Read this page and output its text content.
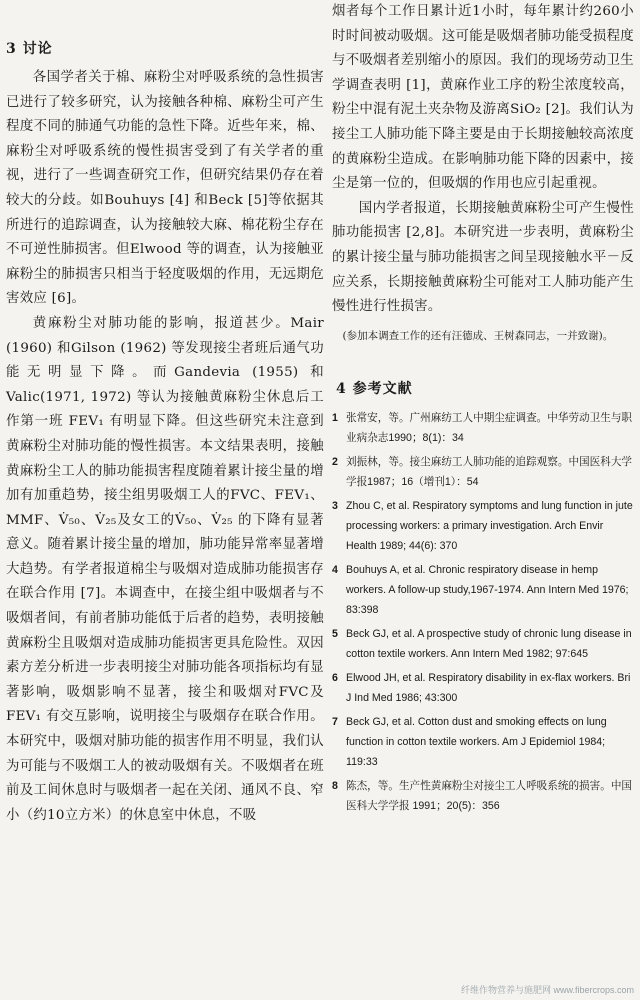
3 讨论

各国学者关于棉、麻粉尘对呼吸系统的急性损害已进行了较多研究，认为接触各种棉、麻粉尘可产生程度不同的肺通气功能的急性下降。近些年来，棉、麻粉尘对呼吸系统的慢性损害受到了有关学者的重视，进行了一些调查研究工作，但研究结果仍存在着较大的分歧。如Bouhuys [4] 和Beck [5]等依据其所进行的追踪调查，认为接触较大麻、棉花粉尘存在不可逆性肺损害。但Elwood 等的调查，认为接触亚麻粉尘的肺损害只相当于轻度吸烟的作用，无远期危害效应 [6]。

黄麻粉尘对肺功能的影响，报道甚少。Mair (1960) 和Gilson (1962) 等发现接尘者班后通气功能无明显下降。而Gandevia (1955) 和 Valic(1971, 1972) 等认为接触黄麻粉尘休息后工作第一班 FEV₁ 有明显下降。但这些研究未注意到黄麻粉尘对肺功能的慢性损害。本文结果表明，接触黄麻粉尘工人的肺功能损害程度随着累计接尘量的增加有加重趋势，接尘组男吸烟工人的FVC、FEV₁、MMF、V̇₅₀、V̇₂₅及女工的V̇₅₀、V̇₂₅ 的下降有显著意义。随着累计接尘量的增加，肺功能异常率显著增大趋势。有学者报道棉尘与吸烟对造成肺功能损害存在联合作用 [7]。本调查中，在接尘组中吸烟者与不吸烟者间，有前者肺功能低于后者的趋势，表明接触黄麻粉尘且吸烟对造成肺功能损害更具危险性。双因素方差分析进一步表明接尘对肺功能各项指标均有显著影响，吸烟影响不显著，接尘和吸烟对FVC及 FEV₁ 有交互影响，说明接尘与吸烟存在联合作用。本研究中，吸烟对肺功能的损害作用不明显，我们认为可能与不吸烟工人的被动吸烟有关。不吸烟者在班前及工间休息时与吸烟者一起在关闭、通风不良、窄小（约10立方米）的休息室中休息，不吸

烟者每个工作日累计近1小时，每年累计约260小时时间被动吸烟。这可能是吸烟者肺功能受损程度与不吸烟者差别缩小的原因。我们的现场劳动卫生学调查表明 [1]，黄麻作业工序的粉尘浓度较高，粉尘中混有泥土夹杂物及游离SiO₂ [2]。我们认为接尘工人肺功能下降主要是由于长期接触较高浓度的黄麻粉尘造成。在影响肺功能下降的因素中，接尘是第一位的，但吸烟的作用也应引起重视。

国内学者报道，长期接触黄麻粉尘可产生慢性肺功能损害 [2,8]。本研究进一步表明，黄麻粉尘的累计接尘量与肺功能损害之间呈现接触水平－反应关系，长期接触黄麻粉尘可能对工人肺功能产生慢性进行性损害。

(参加本调查工作的还有汪德成、王树森同志，一并致谢)。

4 参考文献
1 张常安，等。广州麻纺工人中期尘症调查。中华劳动卫生与职业病杂志1990；8(1)：34
2 刘振林，等。接尘麻纺工人肺功能的追踪观察。中国医科大学学报1987；16（增刊1）：54
3 Zhou C, et al. Respiratory symptoms and lung function in jute processing workers: a primary investigation. Arch Envir Health 1989; 44(6): 370
4 Bouhuys A, et al. Chronic respiratory disease in hemp workers. A follow-up study,1967-1974. Ann Intern Med 1976; 83:398
5 Beck GJ, et al. A prospective study of chronic lung disease in cotton textile workers. Ann Intern Med 1982; 97:645
6 Elwood JH, et al. Respiratory disability in ex-flax workers. Bri J Ind Med 1986; 43:300
7 Beck GJ, et al. Cotton dust and smoking effects on lung function in cotton textile workers. Am J Epidemiol 1984; 119:33
8 陈杰，等。生产性黄麻粉尘对接尘工人呼吸系统的损害。中国医科大学学报 1991；20(5)：356
纤维作物营养与施肥网 www.fibercrops.com
